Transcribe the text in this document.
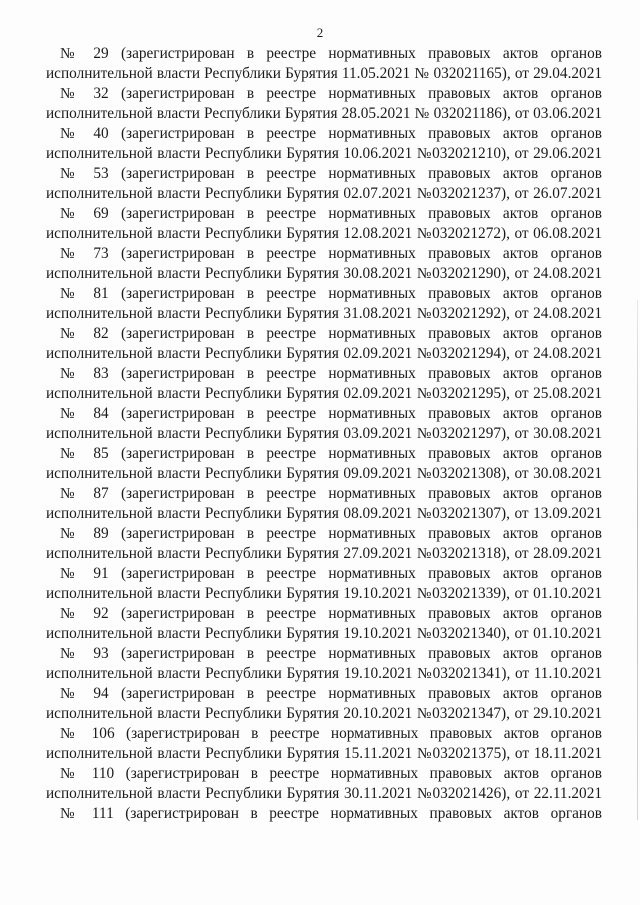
2
№ 29 (зарегистрирован в реестре нормативных правовых актов органов
исполнительной власти Республики Бурятия 11.05.2021 № 032021165), от 29.04.2021
№ 32 (зарегистрирован в реестре нормативных правовых актов органов
исполнительной власти Республики Бурятия 28.05.2021 № 032021186), от 03.06.2021
№ 40 (зарегистрирован в реестре нормативных правовых актов органов
исполнительной власти Республики Бурятия 10.06.2021 №032021210), от 29.06.2021
№ 53 (зарегистрирован в реестре нормативных правовых актов органов
исполнительной власти Республики Бурятия 02.07.2021 №032021237), от 26.07.2021
№ 69 (зарегистрирован в реестре нормативных правовых актов органов
исполнительной власти Республики Бурятия 12.08.2021 №032021272), от 06.08.2021
№ 73 (зарегистрирован в реестре нормативных правовых актов органов
исполнительной власти Республики Бурятия 30.08.2021 №032021290), от 24.08.2021
№ 81 (зарегистрирован в реестре нормативных правовых актов органов
исполнительной власти Республики Бурятия 31.08.2021 №032021292), от 24.08.2021
№ 82 (зарегистрирован в реестре нормативных правовых актов органов
исполнительной власти Республики Бурятия 02.09.2021 №032021294), от 24.08.2021
№ 83 (зарегистрирован в реестре нормативных правовых актов органов
исполнительной власти Республики Бурятия 02.09.2021 №032021295), от 25.08.2021
№ 84 (зарегистрирован в реестре нормативных правовых актов органов
исполнительной власти Республики Бурятия 03.09.2021 №032021297), от 30.08.2021
№ 85 (зарегистрирован в реестре нормативных правовых актов органов
исполнительной власти Республики Бурятия 09.09.2021 №032021308), от 30.08.2021
№ 87 (зарегистрирован в реестре нормативных правовых актов органов
исполнительной власти Республики Бурятия 08.09.2021 №032021307), от 13.09.2021
№ 89 (зарегистрирован в реестре нормативных правовых актов органов
исполнительной власти Республики Бурятия 27.09.2021 №032021318), от 28.09.2021
№ 91 (зарегистрирован в реестре нормативных правовых актов органов
исполнительной власти Республики Бурятия 19.10.2021 №032021339), от 01.10.2021
№ 92 (зарегистрирован в реестре нормативных правовых актов органов
исполнительной власти Республики Бурятия 19.10.2021 №032021340), от 01.10.2021
№ 93 (зарегистрирован в реестре нормативных правовых актов органов
исполнительной власти Республики Бурятия 19.10.2021 №032021341), от 11.10.2021
№ 94 (зарегистрирован в реестре нормативных правовых актов органов
исполнительной власти Республики Бурятия 20.10.2021 №032021347), от 29.10.2021
№ 106 (зарегистрирован в реестре нормативных правовых актов органов
исполнительной власти Республики Бурятия 15.11.2021 №032021375), от 18.11.2021
№ 110 (зарегистрирован в реестре нормативных правовых актов органов
исполнительной власти Республики Бурятия 30.11.2021 №032021426), от 22.11.2021
№ 111 (зарегистрирован в реестре нормативных правовых актов органов
